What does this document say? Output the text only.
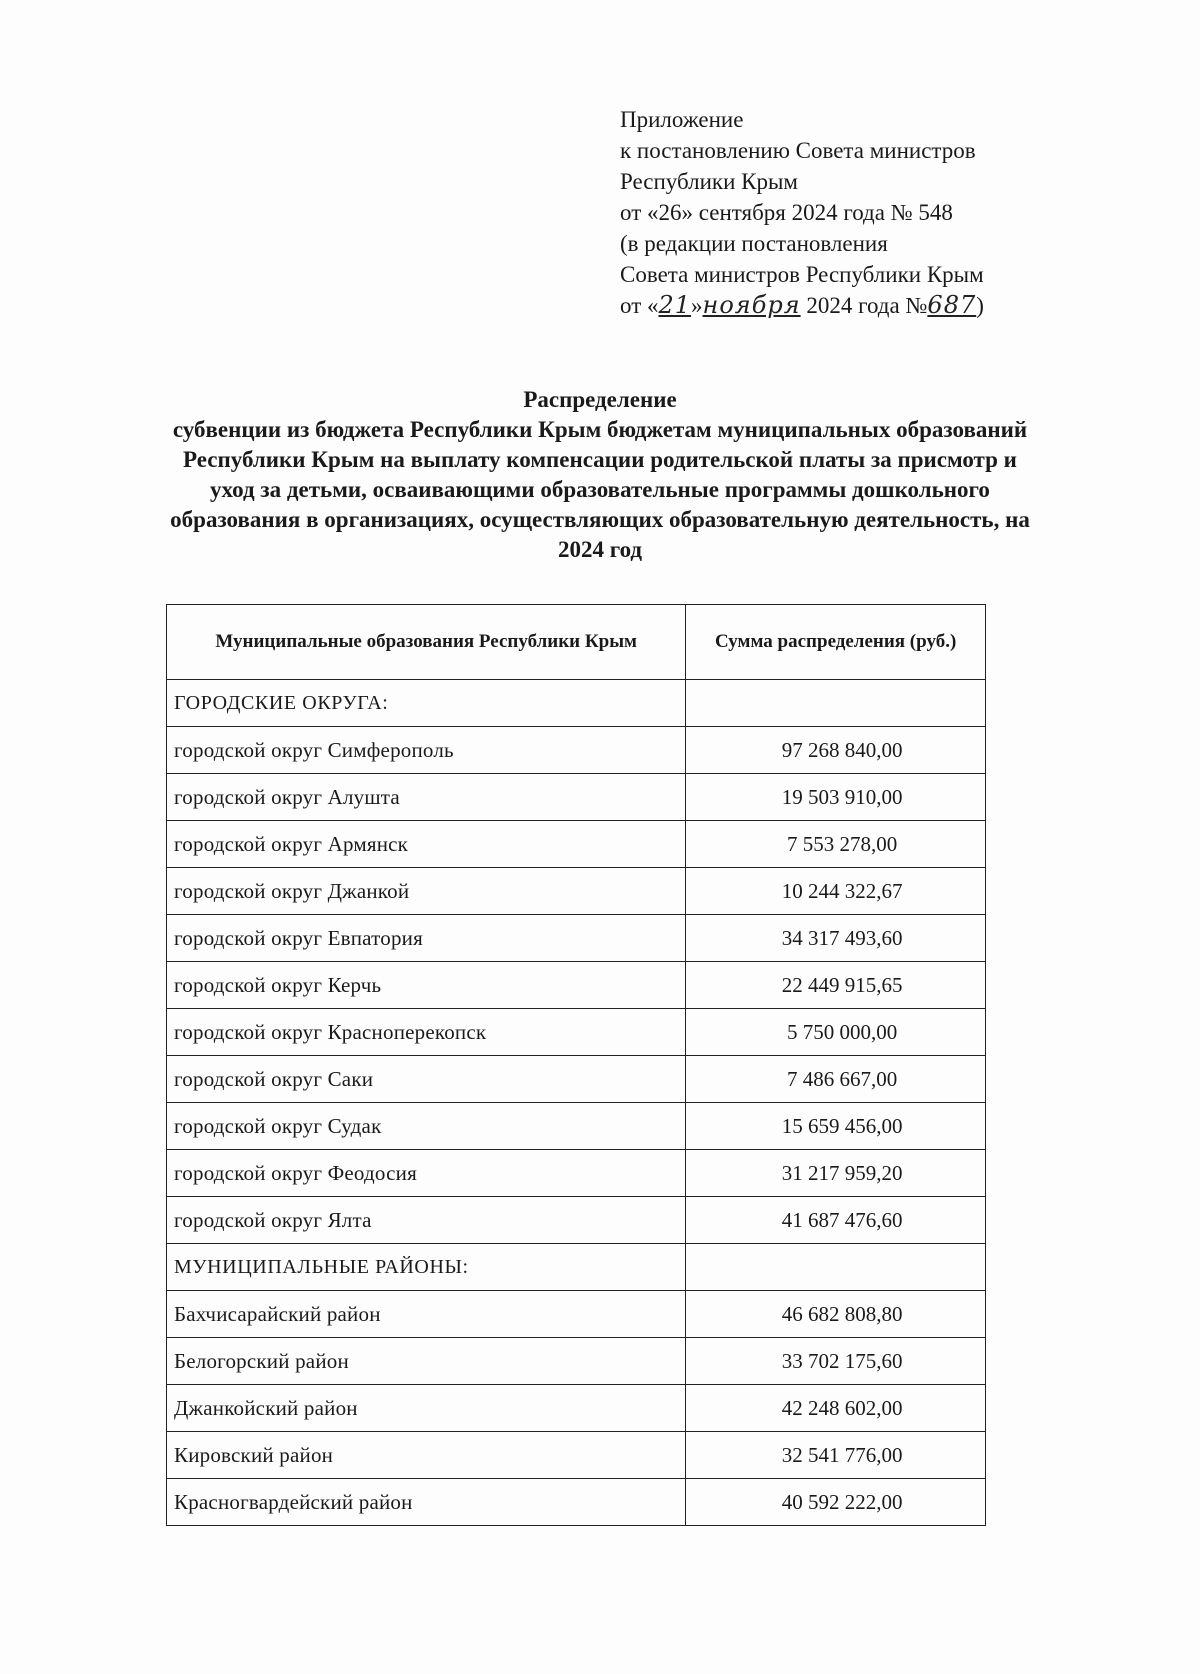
Приложение
к постановлению Совета министров
Республики Крым
от «26» сентября 2024 года № 548
(в редакции постановления
Совета министров Республики Крым
от «21»ноября 2024 года №687)
Распределение
субвенции из бюджета Республики Крым бюджетам муниципальных образований Республики Крым на выплату компенсации родительской платы за присмотр и уход за детьми, осваивающими образовательные программы дошкольного образования в организациях, осуществляющих образовательную деятельность, на 2024 год
Муниципальные образования Республики Крым	Сумма распределения (руб.)
ГОРОДСКИЕ ОКРУГА:	
городской округ Симферополь	97 268 840,00
городской округ Алушта	19 503 910,00
городской округ Армянск	7 553 278,00
городской округ Джанкой	10 244 322,67
городской округ Евпатория	34 317 493,60
городской округ Керчь	22 449 915,65
городской округ Красноперекопск	5 750 000,00
городской округ Саки	7 486 667,00
городской округ Судак	15 659 456,00
городской округ Феодосия	31 217 959,20
городской округ Ялта	41 687 476,60
МУНИЦИПАЛЬНЫЕ РАЙОНЫ:	
Бахчисарайский район	46 682 808,80
Белогорский район	33 702 175,60
Джанкойский район	42 248 602,00
Кировский район	32 541 776,00
Красногвардейский район	40 592 222,00
